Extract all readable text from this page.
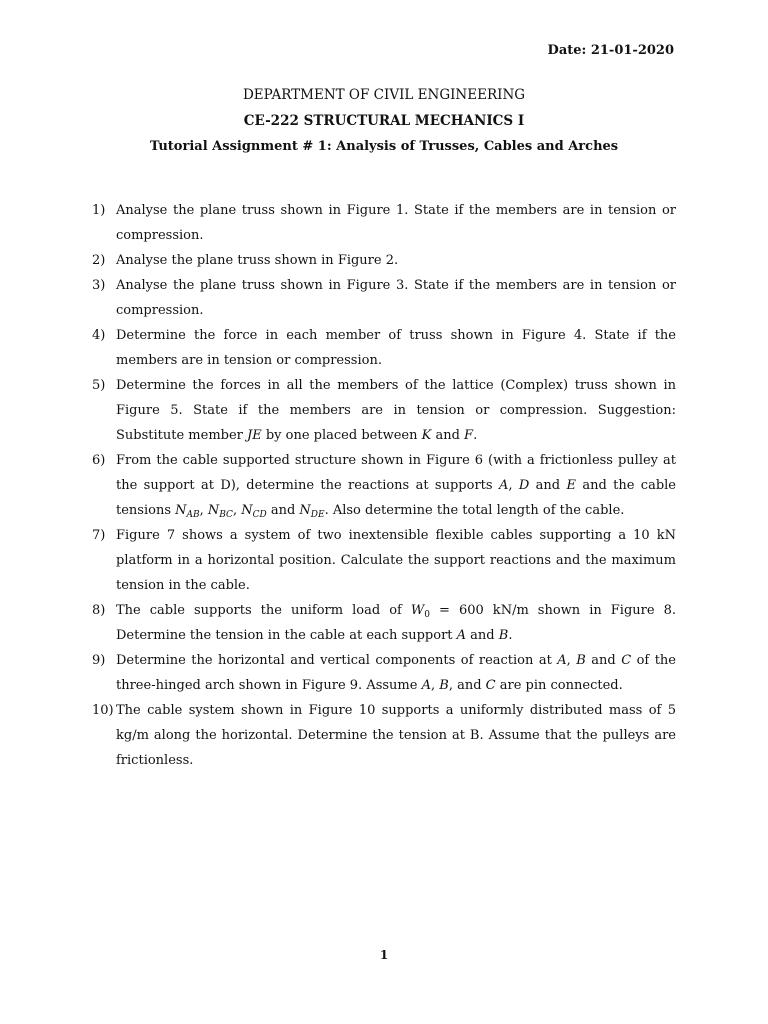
Date: 21-01-2020
DEPARTMENT OF CIVIL ENGINEERING
CE-222 STRUCTURAL MECHANICS I
Tutorial Assignment # 1: Analysis of Trusses, Cables and Arches
1) Analyse the plane truss shown in Figure 1. State if the members are in tension or compression.
2) Analyse the plane truss shown in Figure 2.
3) Analyse the plane truss shown in Figure 3. State if the members are in tension or compression.
4) Determine the force in each member of truss shown in Figure 4. State if the members are in tension or compression.
5) Determine the forces in all the members of the lattice (Complex) truss shown in Figure 5. State if the members are in tension or compression. Suggestion: Substitute member JE by one placed between K and F.
6) From the cable supported structure shown in Figure 6 (with a frictionless pulley at the support at D), determine the reactions at supports A, D and E and the cable tensions $N_{AB}$, $N_{BC}$, $N_{CD}$ and $N_{DE}$. Also determine the total length of the cable.
7) Figure 7 shows a system of two inextensible flexible cables supporting a 10 kN platform in a horizontal position. Calculate the support reactions and the maximum tension in the cable.
8) The cable supports the uniform load of $W_0 = 600$ kN/m shown in Figure 8. Determine the tension in the cable at each support A and B.
9) Determine the horizontal and vertical components of reaction at A, B and C of the three-hinged arch shown in Figure 9. Assume A, B, and C are pin connected.
10) The cable system shown in Figure 10 supports a uniformly distributed mass of 5 kg/m along the horizontal. Determine the tension at B. Assume that the pulleys are frictionless.
1
